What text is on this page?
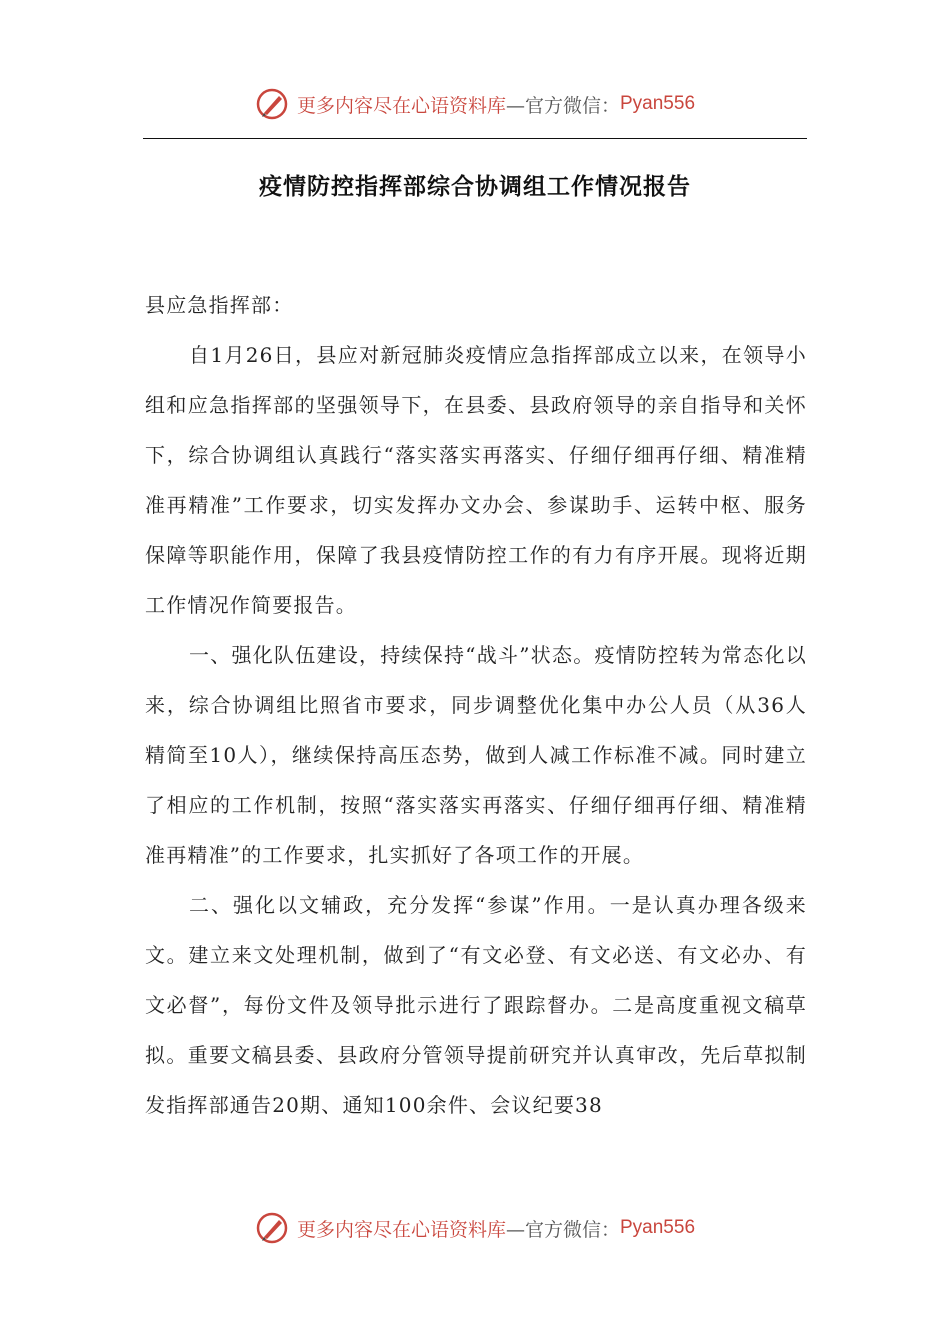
更多内容尽在心语资料库 —官方微信： Pyan556
疫情防控指挥部综合协调组工作情况报告

县应急指挥部：

自1月26日，县应对新冠肺炎疫情应急指挥部成立以来，在领导小组和应急指挥部的坚强领导下，在县委、县政府领导的亲自指导和关怀下，综合协调组认真践行“落实落实再落实、仔细仔细再仔细、精准精准再精准”工作要求，切实发挥办文办会、参谋助手、运转中枢、服务保障等职能作用，保障了我县疫情防控工作的有力有序开展。现将近期工作情况作简要报告。

一、强化队伍建设，持续保持“战斗”状态。疫情防控转为常态化以来，综合协调组比照省市要求，同步调整优化集中办公人员（从36人精简至10人），继续保持高压态势，做到人减工作标准不减。同时建立了相应的工作机制，按照“落实落实再落实、仔细仔细再仔细、精准精准再精准”的工作要求，扎实抓好了各项工作的开展。

二、强化以文辅政，充分发挥“参谋”作用。一是认真办理各级来文。建立来文处理机制，做到了“有文必登、有文必送、有文必办、有文必督”，每份文件及领导批示进行了跟踪督办。二是高度重视文稿草拟。重要文稿县委、县政府分管领导提前研究并认真审改，先后草拟制发指挥部通告20期、通知100余件、会议纪要38

更多内容尽在心语资料库 —官方微信： Pyan556
